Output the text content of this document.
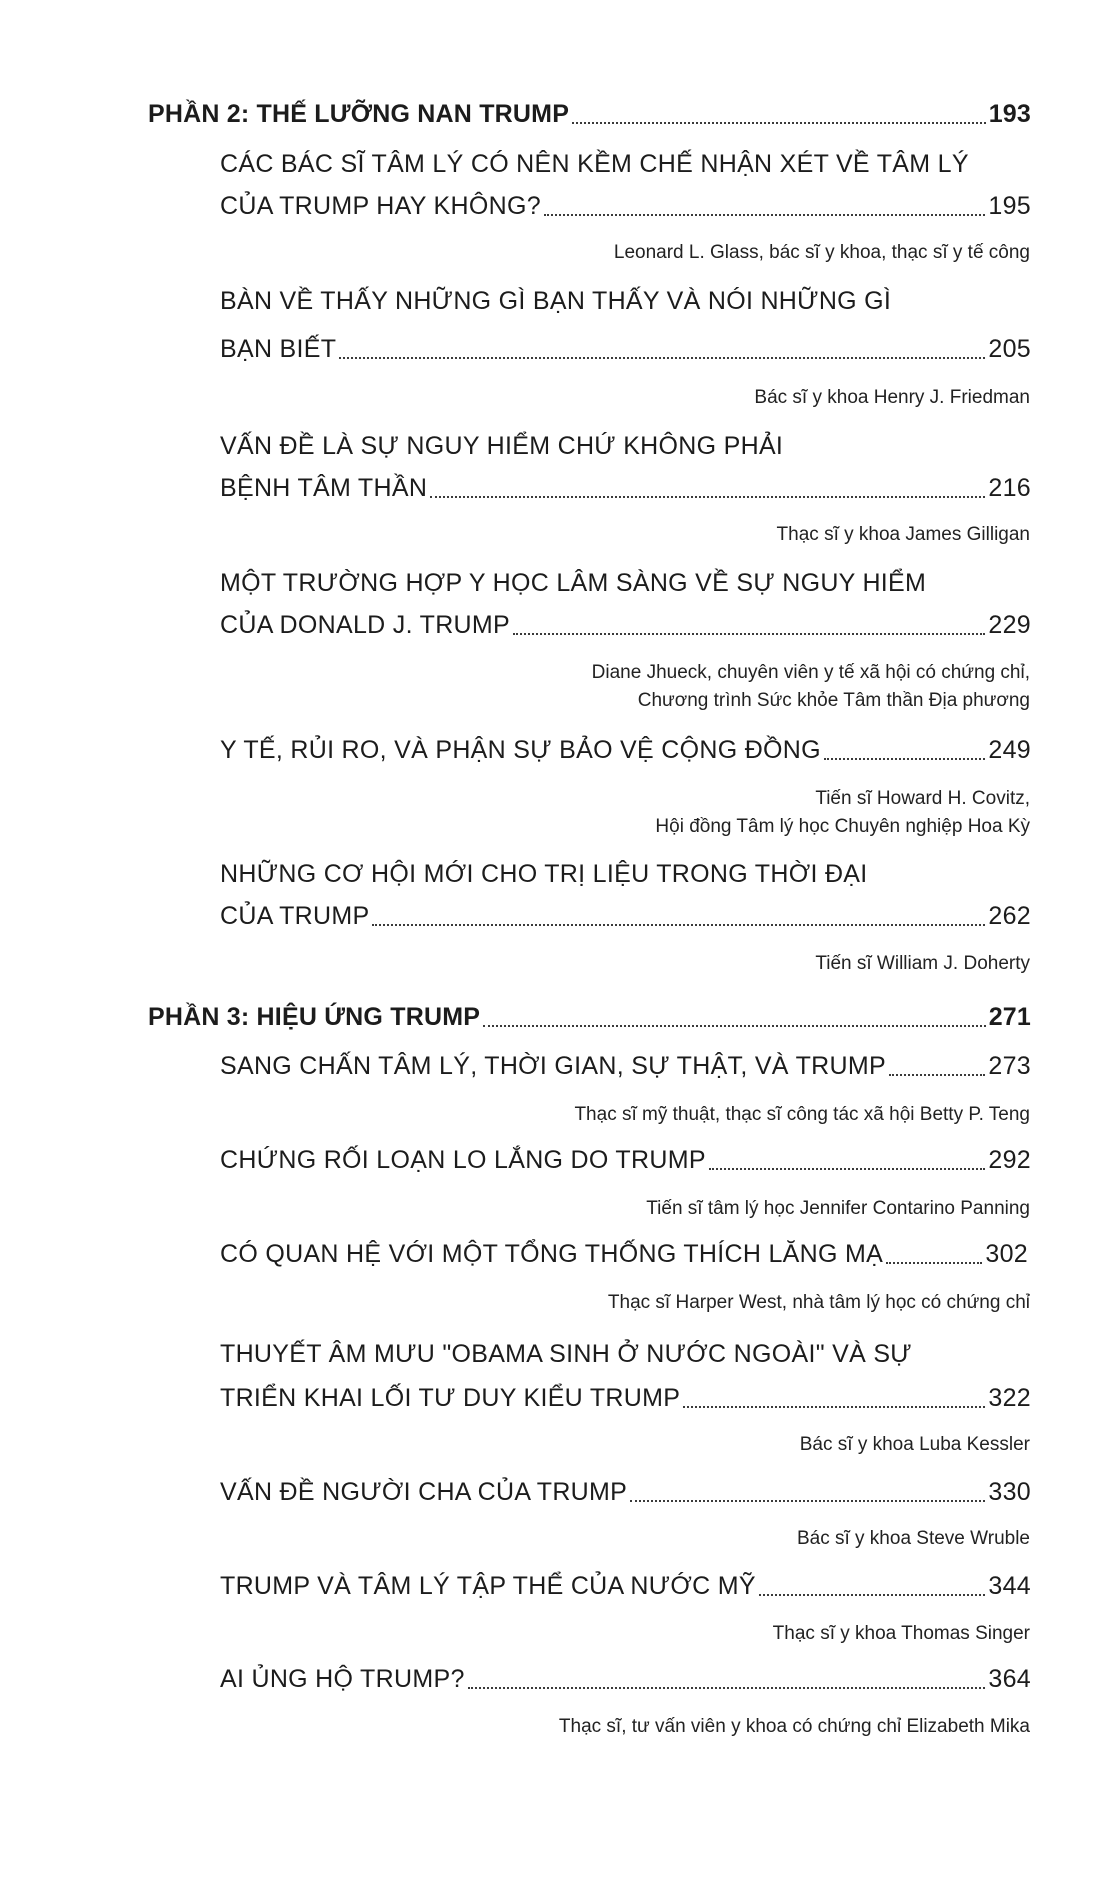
PHẦN 2: THẾ LƯỠNG NAN TRUMP	193
CÁC BÁC SĨ TÂM LÝ CÓ NÊN KỀM CHẾ NHẬN XÉT VỀ TÂM LÝ
CỦA TRUMP HAY KHÔNG?	195
Leonard L. Glass, bác sĩ y khoa, thạc sĩ y tế công
BÀN VỀ THẤY NHỮNG GÌ BẠN THẤY VÀ NÓI NHỮNG GÌ
BẠN BIẾT	205
Bác sĩ y khoa Henry J. Friedman
VẤN ĐỀ LÀ SỰ NGUY HIỂM CHỨ KHÔNG PHẢI
BỆNH TÂM THẦN	216
Thạc sĩ y khoa James Gilligan
MỘT TRƯỜNG HỢP Y HỌC LÂM SÀNG VỀ SỰ NGUY HIỂM
CỦA DONALD J. TRUMP	229
Diane Jhueck, chuyên viên y tế xã hội có chứng chỉ,
Chương trình Sức khỏe Tâm thần Địa phương
Y TẾ, RỦI RO, VÀ PHẬN SỰ BẢO VỆ CỘNG ĐỒNG	249
Tiến sĩ Howard H. Covitz,
Hội đồng Tâm lý học Chuyên nghiệp Hoa Kỳ
NHỮNG CƠ HỘI MỚI CHO TRỊ LIỆU TRONG THỜI ĐẠI
CỦA TRUMP	262
Tiến sĩ William J. Doherty
PHẦN 3: HIỆU ỨNG TRUMP	271
SANG CHẤN TÂM LÝ, THỜI GIAN, SỰ THẬT, VÀ TRUMP	273
Thạc sĩ mỹ thuật, thạc sĩ công tác xã hội Betty P. Teng
CHỨNG RỐI LOẠN LO LẮNG DO TRUMP	292
Tiến sĩ tâm lý học Jennifer Contarino Panning
CÓ QUAN HỆ VỚI MỘT TỔNG THỐNG THÍCH LĂNG MẠ	302
Thạc sĩ Harper West, nhà tâm lý học có chứng chỉ
THUYẾT ÂM MƯU "OBAMA SINH Ở NƯỚC NGOÀI" VÀ SỰ
TRIỂN KHAI LỐI TƯ DUY KIỂU TRUMP	322
Bác sĩ y khoa Luba Kessler
VẤN ĐỀ NGƯỜI CHA CỦA TRUMP	330
Bác sĩ y khoa Steve Wruble
TRUMP VÀ TÂM LÝ TẬP THỂ CỦA NƯỚC MỸ	344
Thạc sĩ y khoa Thomas Singer
AI ỦNG HỘ TRUMP?	364
Thạc sĩ, tư vấn viên y khoa có chứng chỉ Elizabeth Mika
